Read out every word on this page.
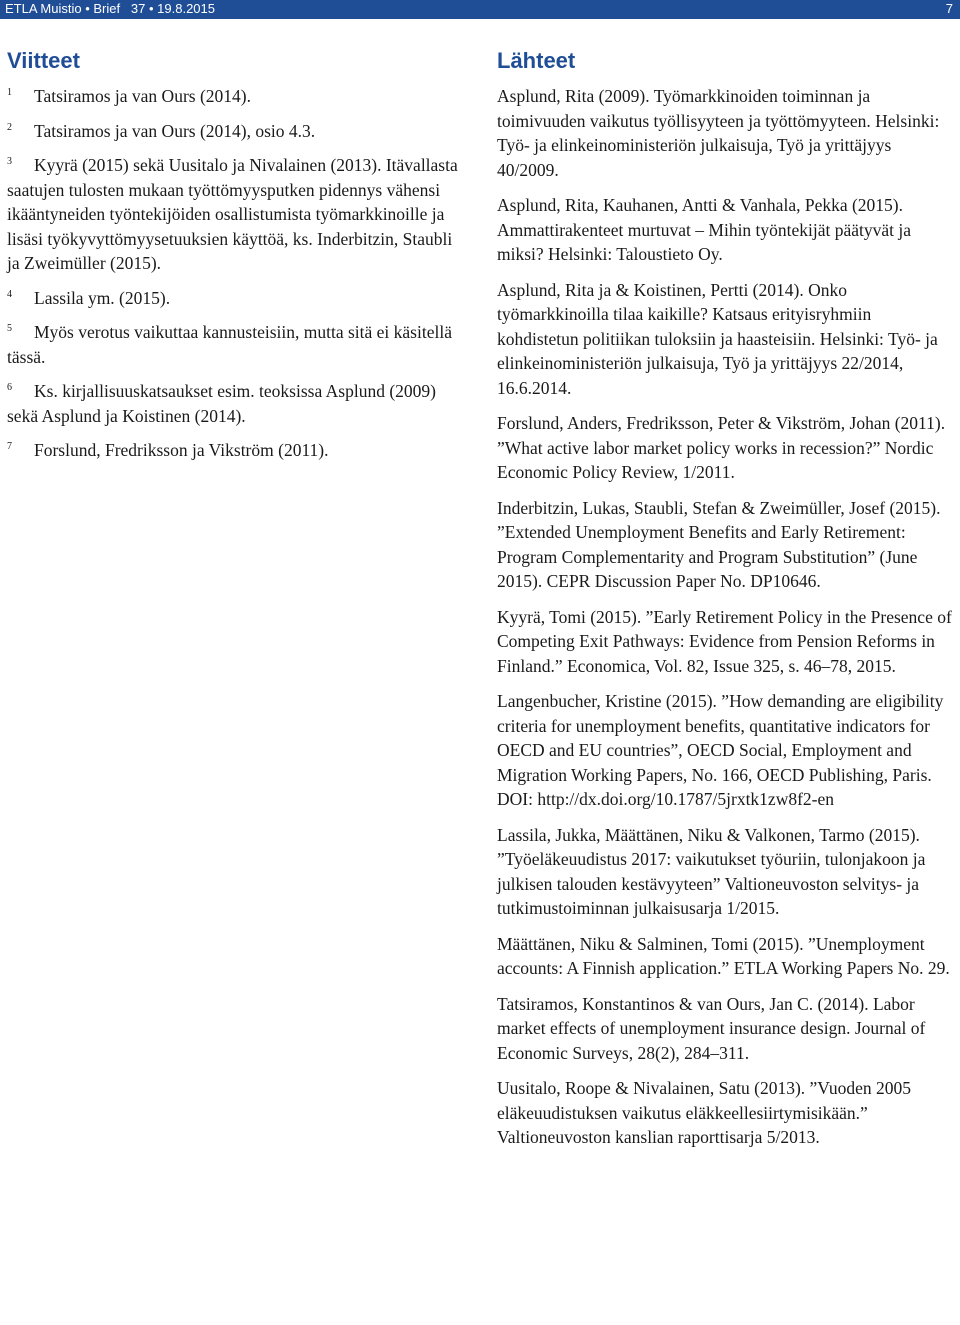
ETLA Muistio • Brief   37 • 19.8.2015	7
Viitteet	Lähteet

$^1$ Tatsiramos ja van Ours (2014).

$^2$ Tatsiramos ja van Ours (2014), osio 4.3.

$^3$ Kyyrä (2015) sekä Uusitalo ja Nivalainen (2013). Itävallasta saatujen tulosten mukaan työttömyysputken pidennys vähensi ikääntyneiden työntekijöiden osallistumista työmarkkinoille ja lisäsi työkyvyttömyysetuuksien käyttöä, ks. Inderbitzin, Staubli ja Zweimüller (2015).

$^4$ Lassila ym. (2015).

$^5$ Myös verotus vaikuttaa kannusteisiin, mutta sitä ei käsitellä tässä.

$^6$ Ks. kirjallisuuskatsaukset esim. teoksissa Asplund (2009) sekä Asplund ja Koistinen (2014).

$^7$ Forslund, Fredriksson ja Vikström (2011).

Asplund, Rita (2009). Työmarkkinoiden toiminnan ja toimivuuden vaikutus työllisyyteen ja työttömyyteen. Helsinki: Työ- ja elinkeinoministeriön julkaisuja, Työ ja yrittäjyys 40/2009.

Asplund, Rita, Kauhanen, Antti & Vanhala, Pekka (2015). Ammattirakenteet murtuvat – Mihin työntekijät päätyvät ja miksi? Helsinki: Taloustieto Oy.

Asplund, Rita ja & Koistinen, Pertti (2014). Onko työmarkkinoilla tilaa kaikille? Katsaus erityisryhmiin kohdistetun politiikan tuloksiin ja haasteisiin. Helsinki: Työ- ja elinkeinoministeriön julkaisuja, Työ ja yrittäjyys 22/2014, 16.6.2014.

Forslund, Anders, Fredriksson, Peter & Vikström, Johan (2011). ”What active labor market policy works in recession?” Nordic Economic Policy Review, 1/2011.

Inderbitzin, Lukas, Staubli, Stefan & Zweimüller, Josef (2015). ”Extended Unemployment Benefits and Early Retirement: Program Complementarity and Program Substitution” (June 2015). CEPR Discussion Paper No. DP10646.

Kyyrä, Tomi (2015). ”Early Retirement Policy in the Presence of Competing Exit Pathways: Evidence from Pension Reforms in Finland.” Economica, Vol. 82, Issue 325, s. 46–78, 2015.

Langenbucher, Kristine (2015). ”How demanding are eligibility criteria for unemployment benefits, quantitative indicators for OECD and EU countries”, OECD Social, Employment and Migration Working Papers, No. 166, OECD Publishing, Paris. DOI: http://dx.doi.org/10.1787/5jrxtk1zw8f2-en

Lassila, Jukka, Määttänen, Niku & Valkonen, Tarmo (2015). ”Työeläkeuudistus 2017: vaikutukset työuriin, tulonjakoon ja julkisen talouden kestävyyteen” Valtioneuvoston selvitys- ja tutkimustoiminnan julkaisusarja 1/2015.

Määttänen, Niku & Salminen, Tomi (2015). ”Unemployment accounts: A Finnish application.” ETLA Working Papers No. 29.

Tatsiramos, Konstantinos & van Ours, Jan C. (2014). Labor market effects of unemployment insurance design. Journal of Economic Surveys, 28(2), 284–311.

Uusitalo, Roope & Nivalainen, Satu (2013). ”Vuoden 2005 eläkeuudistuksen vaikutus eläkkeellesiirtymisikään.” Valtioneuvoston kanslian raporttisarja 5/2013.
